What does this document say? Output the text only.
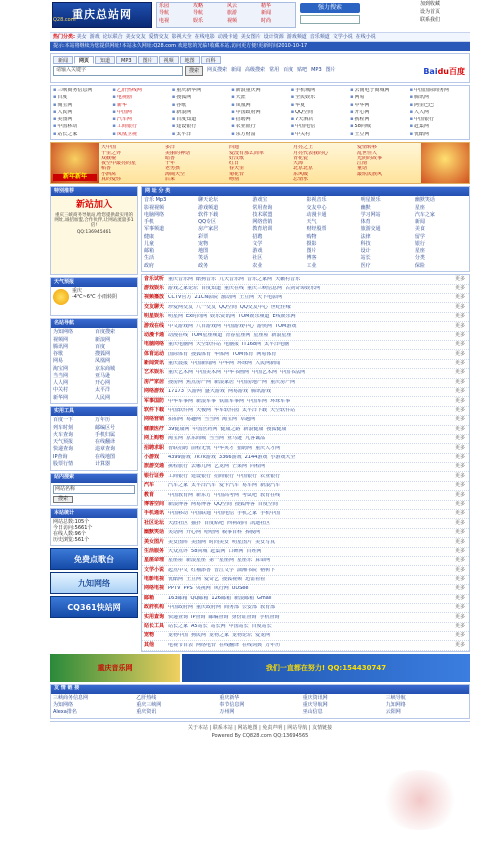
重庆总站网
Q28.com
乐园	攻略	风云	精华
导航	导航	旅游	新闻
电视	娱乐	视频	时尚
强力搜索	加到收藏
设为首页
联系我们
热门分类: 美女 游戏 论坛联合 美女交友 爱情交友 影视大全 在线电影 动漫卡通 美女图片 设计资源 游戏频道 音乐频道 文学小说 在线小说
提示:本站将继续为您提供网址!本站永久网址:Q28.com 欢迎您的光临!收藏本站,访问更方便!更新时间2010-10-17
新闻	网页	知道	MP3	图片	视频	地图	百科
请输入关键字	搜索	网页搜索 新闻 高级搜索 常用 百度 贴吧 MP3 图片	Baidu百度
▪ 三峡商务信息网	▪ 乙肝热线网	▪ 重庆新华网	▪ 新浪重庆网	▪ 手机城网	▪ 云南电子商城网	▪ 中国国际商务网
▪ 百度	▪ 电视剧	▪ 搜狐网	▪ 天涯	▪ 全民娱乐	▪ 网易	▪ 腾讯网
▪ 淘宝网	▪ 新华	▪ 谷歌	▪ 凤凰网	▪ 华夏	▪ 中华网	▪ 阿里巴巴
▪ 人民网	▪ 中国网	▪ 新浪网	▪ 中国政府网	▪ QQ空间	▪ 开心网	▪ 人人网
▪ 美图网	▪ 汽车网	▪ 百度知道	▪ 招聘网	▪ 7天酒店	▪ 携程网	▪ 中国银行
▪ 中国移动	▪ 工商银行	▪ 建设银行	▪ 农业银行	▪ 中国电信	▪ 58同城	▪ 赶集网
▪ 站长之家	▪ 凤凰卫视	▪ 太平洋	▪ 东方财富	▪ 中关村	▪ 土豆网	▪ 优酷网
新年新年
大中国	多洋	四通	月亮之上	爱情转移
千里之外	美丽的神话	爱没有那么简单	月亮代表我的心	乱世佳人
双截棍	暗香	好汉歌	青花瓷	光阴的故事
夜空中最亮的星	十年	红日	大海	江南
稻香	老男孩	春天里	北京北京	童话
小酒窝	海阔天空	菊花台	东风破	最炫民族风
真的爱你	后来	吻别	忘情水
特别推荐
新站加入

重庆三峡商务导航站,给您提供最实用的网址,诚招加盟,合作伙伴,让网站流量多1倍!

QQ:136945461

天气预报
重庆
-4℃~6℃ 小雨转阴
名站导航
为知网络	百度搜索
视频网	新浪网
腾讯网	百度
谷歌	搜狐网
网易	凤凰网
淘宝网	京东商城
当当网	亚马逊
人人网	开心网
中关村	太平洋
新华网	人民网
实用工具
百度一下	万年历
列车时刻	邮编区号
火车查询	手机归属
天气预报	在线翻译
快递查询	违章查询
IP查询	在线地图
股票行情	计算器
站内搜索
网站名称
搜索
本站统计
网站总数:105个
今日访问:5661个
在线人数:96个
历史浏览:561个
免费点歌台
九知网络
CQ361快站网
网 址 分 类
音乐 Mp3	聊天论坛	游戏宝	影视音乐	明星娱乐	幽默笑话
影视视频	游戏频道	常用查询	交友中心	幽默	星座
电脑网络	软件下载	技术联盟	动漫卡通	学习网站	汽车之家
手机	QQ专区	网络营销	天气	体育	新闻
军事频道	房产家居	教育培训	财经股票	旅游交通	美食
健康	彩票	招聘	购物	法律	留学
儿童	宠物	文学	摄影	科技	银行
邮箱	地图	游戏	图片	设计	星座
生活	笑话	社区	博客	站长	分类
政府	政务	农业	工业	医疗	保险
音乐试听 重庆音乐网 酷狗音乐 九天音乐网 音乐之家网 天籁村音乐	更多
游戏娱乐 游戏之家论坛 百度知道 重庆在线 重庆三峡信息网 古剑奇谭娱乐网	更多
视频播放 CCTV官方 21CN影院 激动网 土豆网 天下电影网	更多
交友聊天 珍爱网交友 八一交友 QQ空间 QQ交友中心 世纪佳缘	更多
明星娱乐 明星网 Ex时尚网 娱乐资讯网 TOM娱乐频道 E线娱乐网	更多
游戏在线 中文游戏网 八目游戏网 中国游戏中心 游侠网 TOM游戏	更多
动漫卡通 动漫在线 TOM星座频道 青春星座网 星座屋 新浪星座	更多
电脑网络 重庆电脑网 天空软件站 电脑报 IT168网 太平洋电脑	更多
体育运动 国际体育 搜狐体育 华体网 TOM体育 网易体育	更多
新闻资讯 重庆晨报 中国新闻网 中华网 环球网 人民网新闻	更多
艺术娱乐 重庆艺术网 中国美术网 中华书画网 中国艺术网 中国书法网	更多
房产家居 搜房网 焦点房产网 新浪家居 中国房地产网 重庆房产网	更多
网络游戏 17173 久游网 盛大游戏 网易游戏 腾讯游戏	更多
军事国防 中华军事网 新浪军事 铁血军事网 中国军网 环球军事	更多
软件下载 中国软件网 天极网 华军软件园 太平洋下载 天空软件站	更多
网络营销 拍拍网 易趣网 当当网 淘宝网 卓越网	更多
健康医疗 39健康网 中国医药网 健康之路 新浪健康 搜狐健康	更多
网上购物 淘宝网 京东商城 当当网 亚马逊 凡客诚品	更多
招聘求职 智联招聘 前程无忧 中华英才 猎聘网 重庆人才网	更多
小游戏	4399游戏 7k7k游戏 3366游戏 2144游戏 小游戏大全	更多
旅游交通 携程旅行 去哪儿网 艺龙网 芒果网 同程网	更多
银行证券 工商银行 建设银行 招商银行 中国银行 农业银行	更多
汽车	汽车之家 太平洋汽车 爱卡汽车 易车网 新浪汽车	更多
教育	中国教育网 新东方 中国高考网 考试吧 教育在线	更多
博客空间 新浪博客 网易博客 QQ空间 搜狐博客 百度空间	更多
手机通讯 中国移动 中国联通 中国电信 手机之家 手机中国	更多
社区论坛 天涯社区 猫扑 百度贴吧 西祠胡同 凯迪社区	更多
幽默笑话 笑话网 开心网 哈哈网 糗事百科 捧腹网	更多
美女图片 美女图库 美图网 时尚美女 明星图片 美女写真	更多
生活服务 大众点评 58同城 赶集网 口碑网 百姓网	更多
星座命理 星座屋 新浪星座 第一星座网 星座乐 算命网	更多
文学小说 起点中文 红袖添香 晋江文学 潇湘书院 榕树下	更多
电影电视 优酷网 土豆网 爱奇艺 搜狐视频 迅雷看看	更多
网络电视 PPTV PPS 央视网 风行网 UUSee	更多
邮箱	163邮箱 QQ邮箱 126邮箱 新浪邮箱 Gmail	更多
政府机构 中国政府网 重庆政府网 商务部 公安部 教育部	更多
实用查询 快递查询 IP查询 邮编查询 身份证查询 手机查询	更多
站长工具 站长之家 A5站长 站长网 中国站长 百度站长	更多
宠物	宠物中国 狗民网 宠物之家 宠物论坛 爱宠网	更多
其他	电视节目表 网络电台 在线翻译 在线词典 万年历	更多
重庆音乐网	我们一直都在努力! QQ:154430747
友 情 链 接
三峡商务信息网	乙肝热线	重庆新华	重庆资讯网	三峡导航
为知网络	重庆三峡网	奉节信息网	重庆导航网	九知网络
Alexa排名	重庆资讯	万州网	巫山信息	云阳网
关于本站 | 联系本站 | 网站地图 | 免责声明 | 网站导航 | 友情链接
Powered By CQ828.com QQ:13694565
